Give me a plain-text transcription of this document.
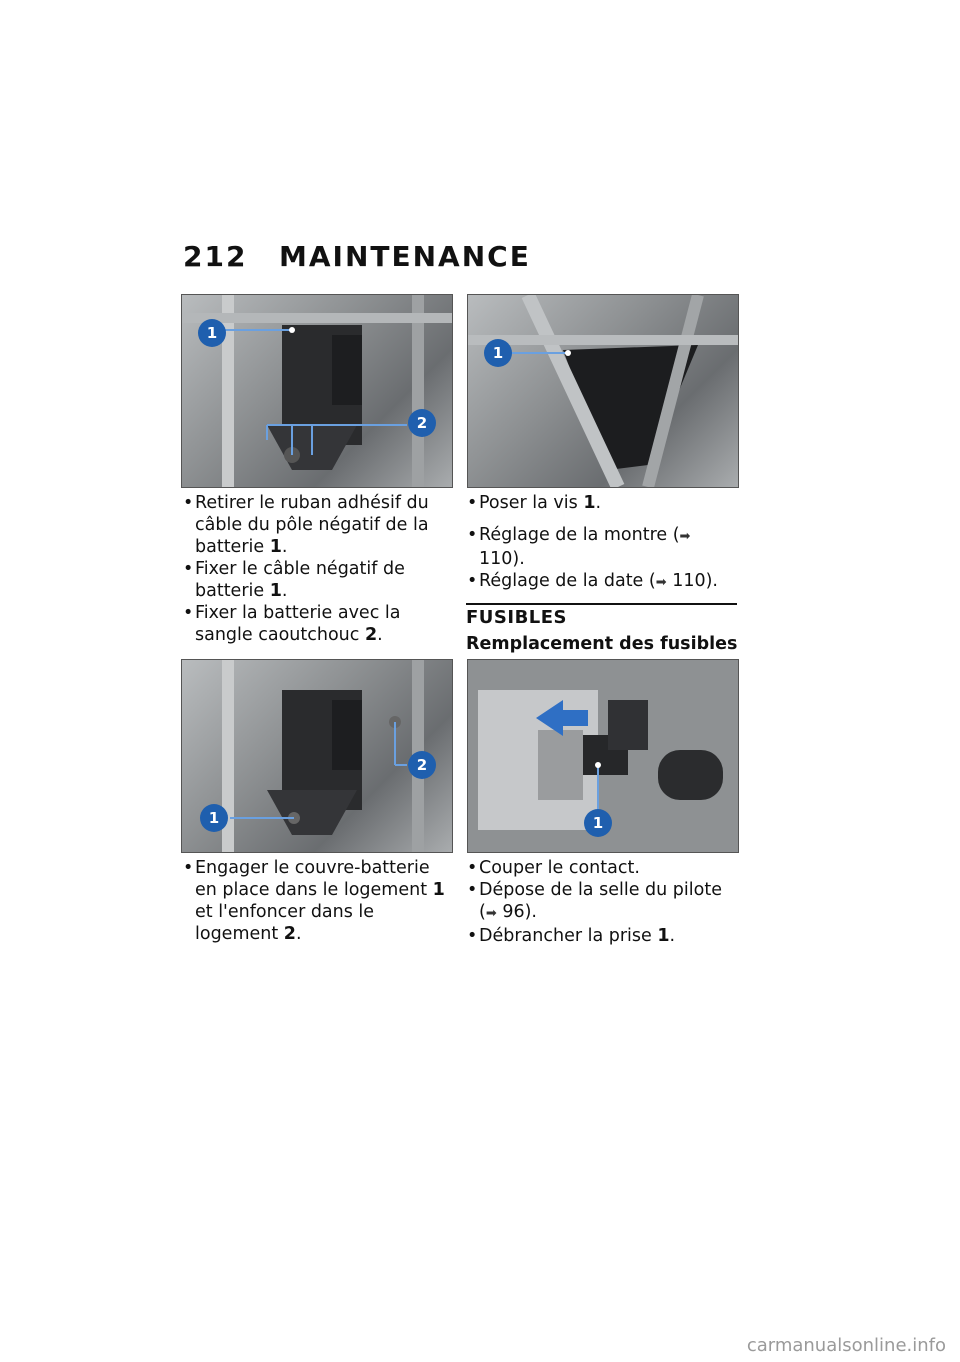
212 MAINTENANCE
1
2
1
1
2
1

• Retirer le ruban adhésif du câble du pôle négatif de la batterie 1.

• Fixer le câble négatif de batterie 1.

• Fixer la batterie avec la sangle caoutchouc 2.

• Engager le couvre-batterie en place dans le logement 1 et l'enfoncer dans le logement 2.

• Poser la vis 1.

• Réglage de la montre (➡ 110).

• Réglage de la date (➡ 110).

FUSIBLES
Remplacement des fusibles

• Couper le contact.

• Dépose de la selle du pilote (➡ 96).

• Débrancher la prise 1.

carmanualsonline.info
